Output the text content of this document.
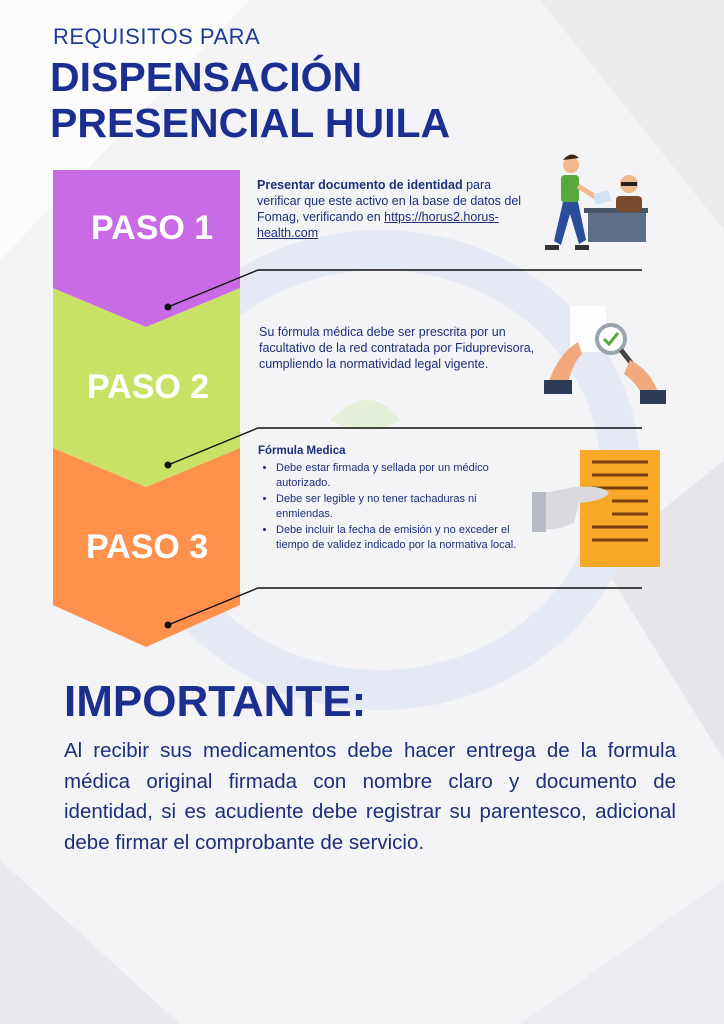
REQUISITOS PARA
DISPENSACIÓN
PRESENCIAL HUILA
PASO 1
PASO 2
PASO 3
Presentar documento de identidad para verificar que este activo en la base de datos del Fomag, verificando en https://horus2.horus-health.com
Su fórmula médica debe ser prescrita por un facultativo de la red contratada por Fiduprevisora, cumpliendo la normatividad legal vigente.
Fórmula Medica
• Debe estar firmada y sellada por un médico autorizado.
• Debe ser legible y no tener tachaduras ni enmiendas.
• Debe incluir la fecha de emisión y no exceder el tiempo de validez indicado por la normativa local.
IMPORTANTE:
Al recibir sus medicamentos debe hacer entrega de la formula médica original firmada con nombre claro y documento de identidad, si es acudiente debe registrar su parentesco, adicional debe firmar el comprobante de servicio.
